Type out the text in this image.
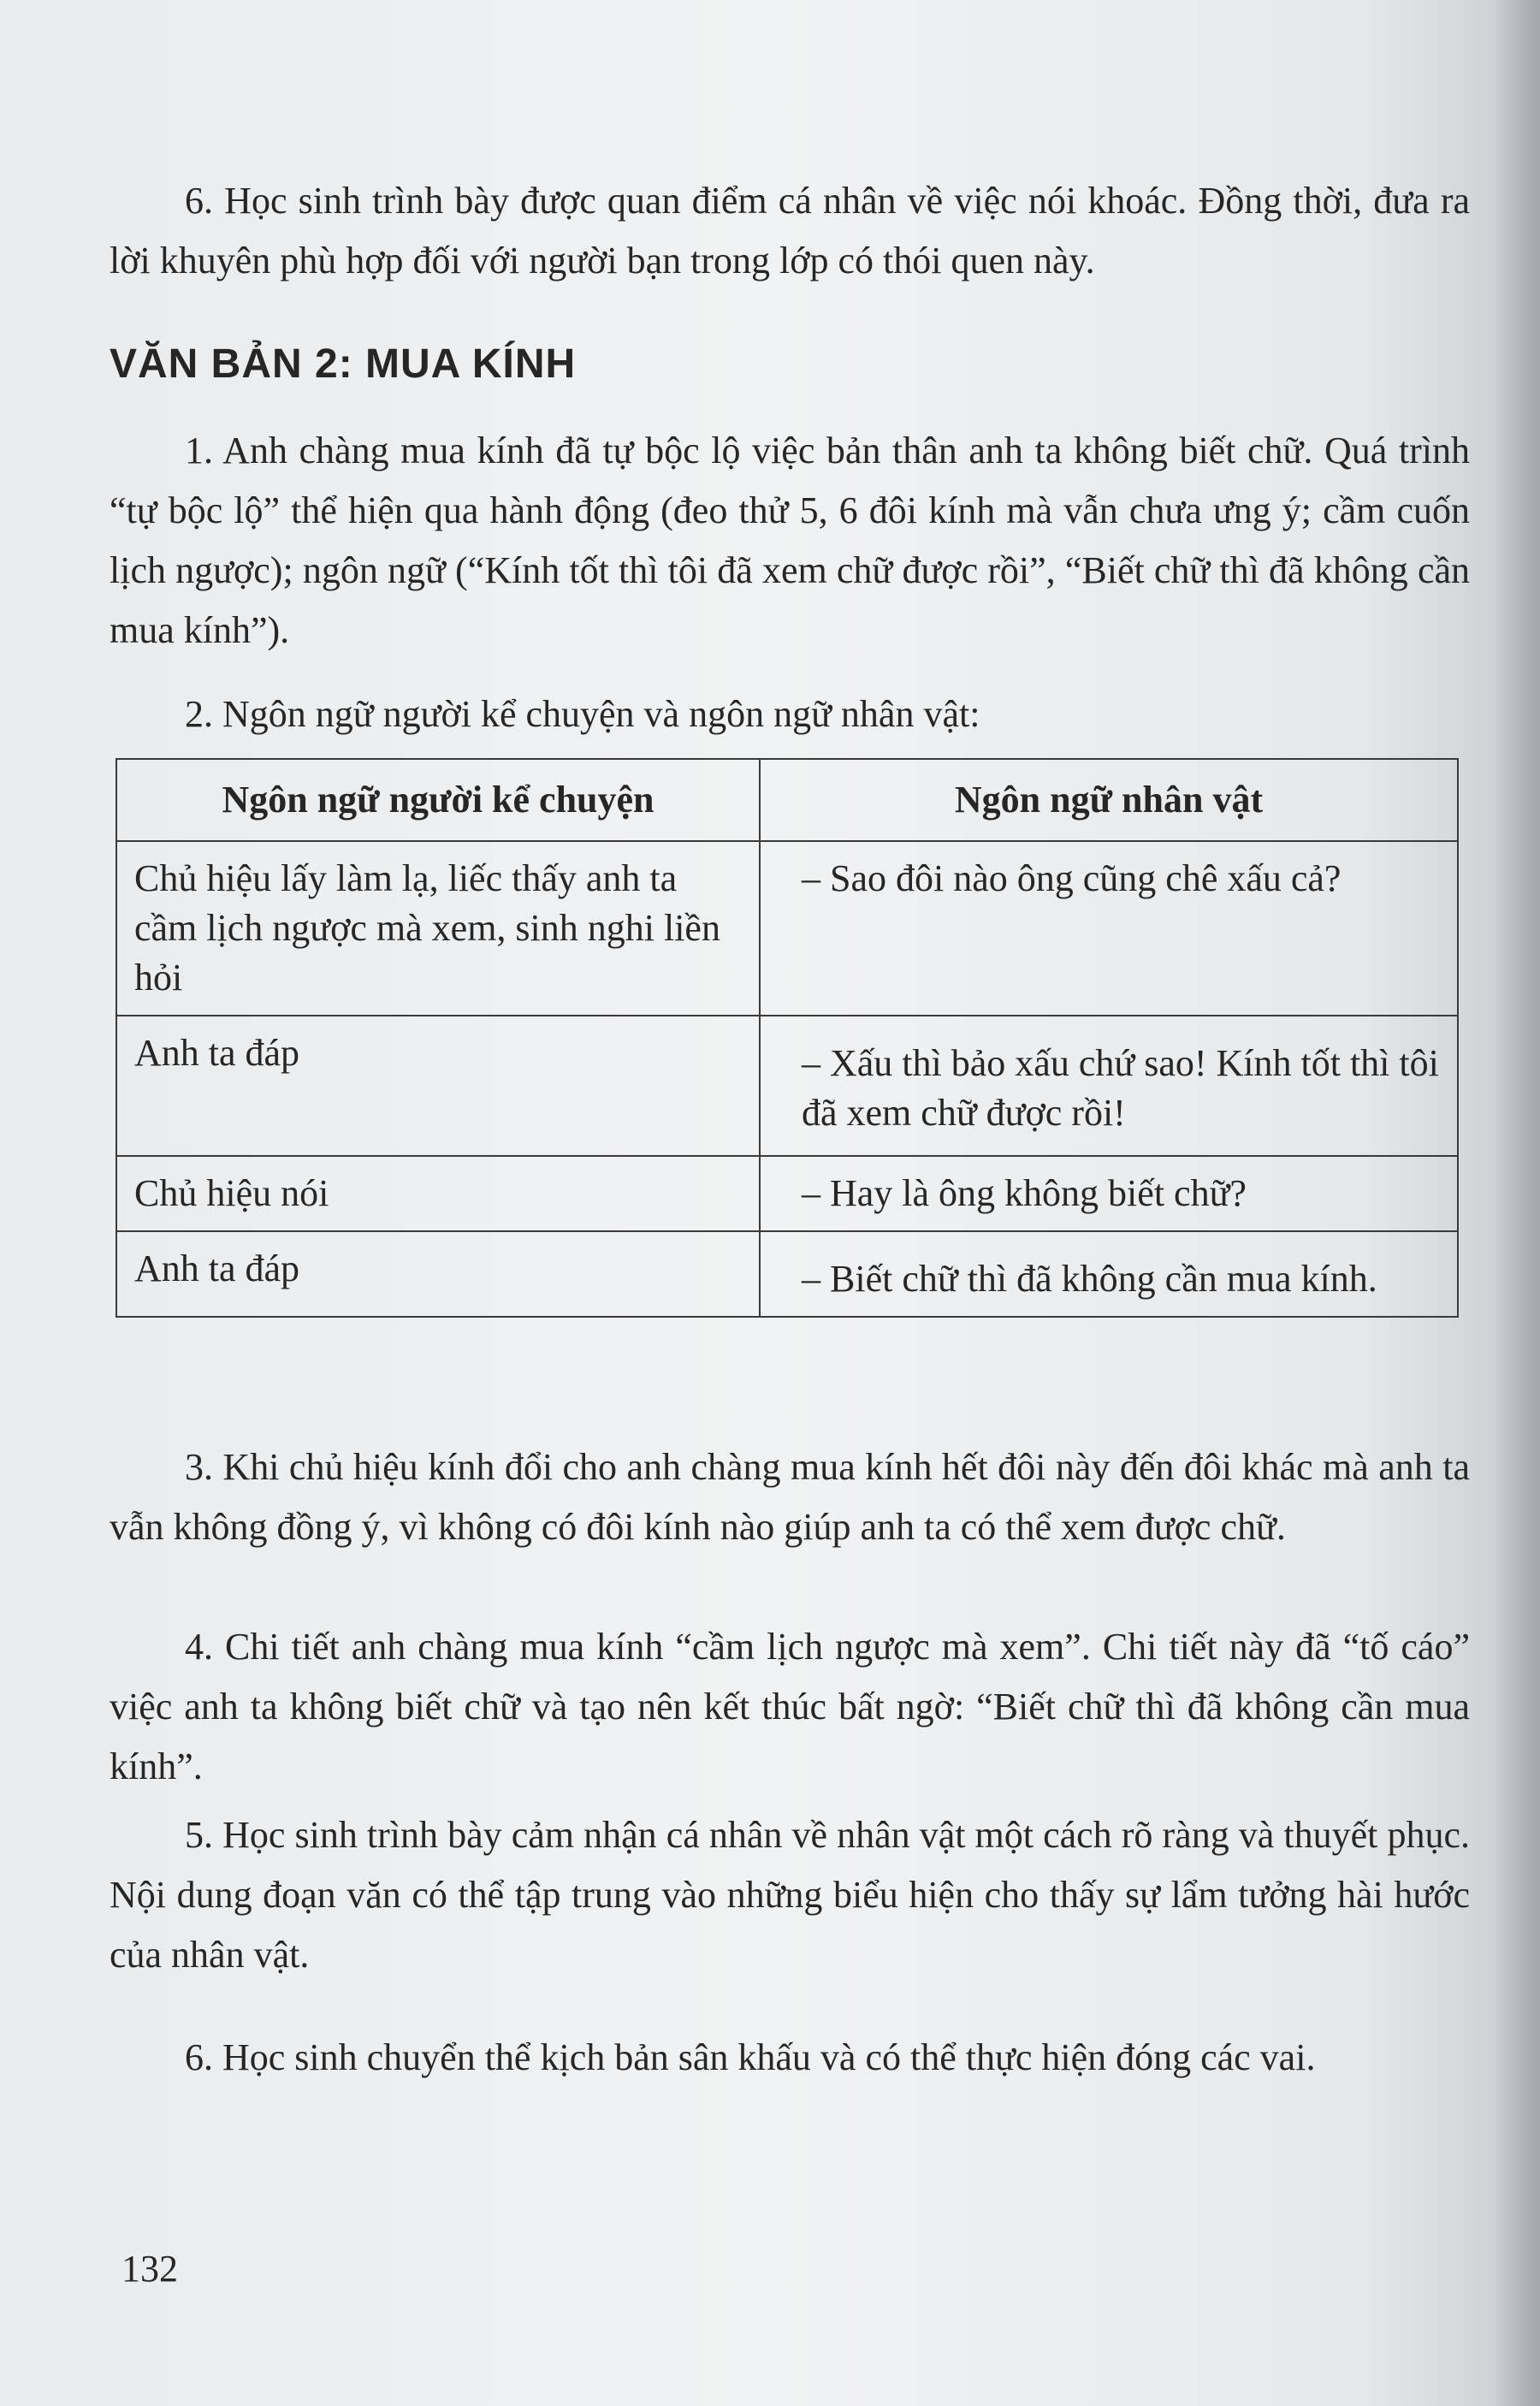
6. Học sinh trình bày được quan điểm cá nhân về việc nói khoác. Đồng thời, đưa ra lời khuyên phù hợp đối với người bạn trong lớp có thói quen này.

VĂN BẢN 2: MUA KÍNH

1. Anh chàng mua kính đã tự bộc lộ việc bản thân anh ta không biết chữ. Quá trình “tự bộc lộ” thể hiện qua hành động (đeo thử 5, 6 đôi kính mà vẫn chưa ưng ý; cầm cuốn lịch ngược); ngôn ngữ (“Kính tốt thì tôi đã xem chữ được rồi”, “Biết chữ thì đã không cần mua kính”).

2. Ngôn ngữ người kể chuyện và ngôn ngữ nhân vật:

Ngôn ngữ người kể chuyện	Ngôn ngữ nhân vật
Chủ hiệu lấy làm lạ, liếc thấy anh ta cầm lịch ngược mà xem, sinh nghi liền hỏi	– Sao đôi nào ông cũng chê xấu cả?
Anh ta đáp	– Xấu thì bảo xấu chứ sao! Kính tốt thì tôi đã xem chữ được rồi!
Chủ hiệu nói	– Hay là ông không biết chữ?
Anh ta đáp	– Biết chữ thì đã không cần mua kính.

3. Khi chủ hiệu kính đổi cho anh chàng mua kính hết đôi này đến đôi khác mà anh ta vẫn không đồng ý, vì không có đôi kính nào giúp anh ta có thể xem được chữ.

4. Chi tiết anh chàng mua kính “cầm lịch ngược mà xem”. Chi tiết này đã “tố cáo” việc anh ta không biết chữ và tạo nên kết thúc bất ngờ: “Biết chữ thì đã không cần mua kính”.

5. Học sinh trình bày cảm nhận cá nhân về nhân vật một cách rõ ràng và thuyết phục. Nội dung đoạn văn có thể tập trung vào những biểu hiện cho thấy sự lẩm tưởng hài hước của nhân vật.

6. Học sinh chuyển thể kịch bản sân khấu và có thể thực hiện đóng các vai.

132
